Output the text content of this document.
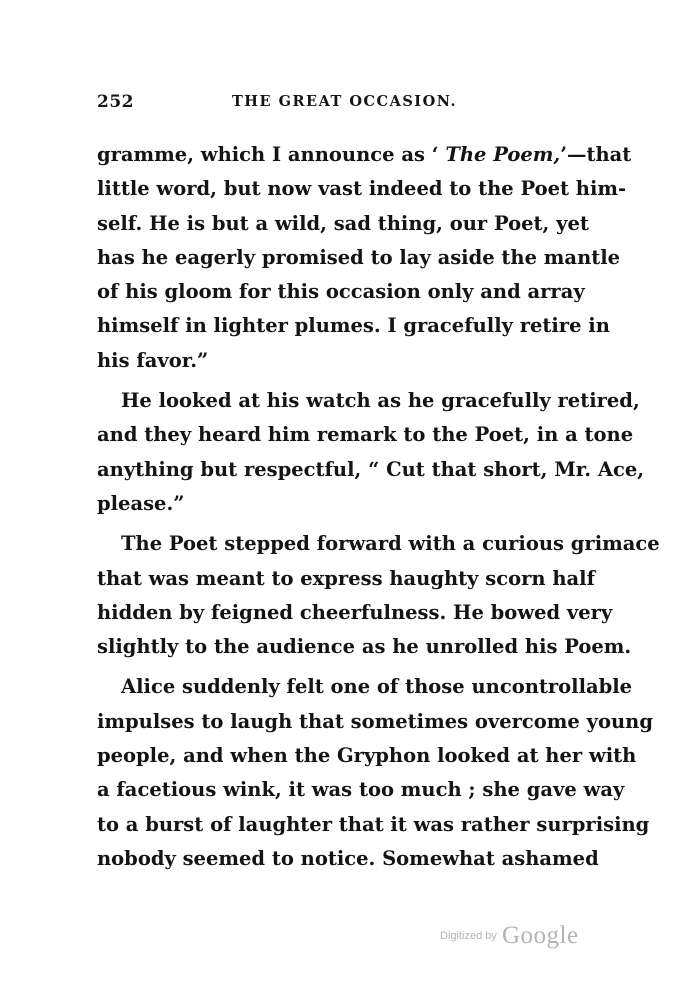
252	THE GREAT OCCASION.
gramme, which I announce as ‘ The Poem,’—that
little word, but now vast indeed to the Poet him-
self. He is but a wild, sad thing, our Poet, yet
has he eagerly promised to lay aside the mantle
of his gloom for this occasion only and array
himself in lighter plumes. I gracefully retire in
his favor.”
He looked at his watch as he gracefully retired,
and they heard him remark to the Poet, in a tone
anything but respectful, “ Cut that short, Mr. Ace,
please.”
The Poet stepped forward with a curious grimace
that was meant to express haughty scorn half
hidden by feigned cheerfulness. He bowed very
slightly to the audience as he unrolled his Poem.
Alice suddenly felt one of those uncontrollable
impulses to laugh that sometimes overcome young
people, and when the Gryphon looked at her with
a facetious wink, it was too much ; she gave way
to a burst of laughter that it was rather surprising
nobody seemed to notice. Somewhat ashamed
Digitized by Google
